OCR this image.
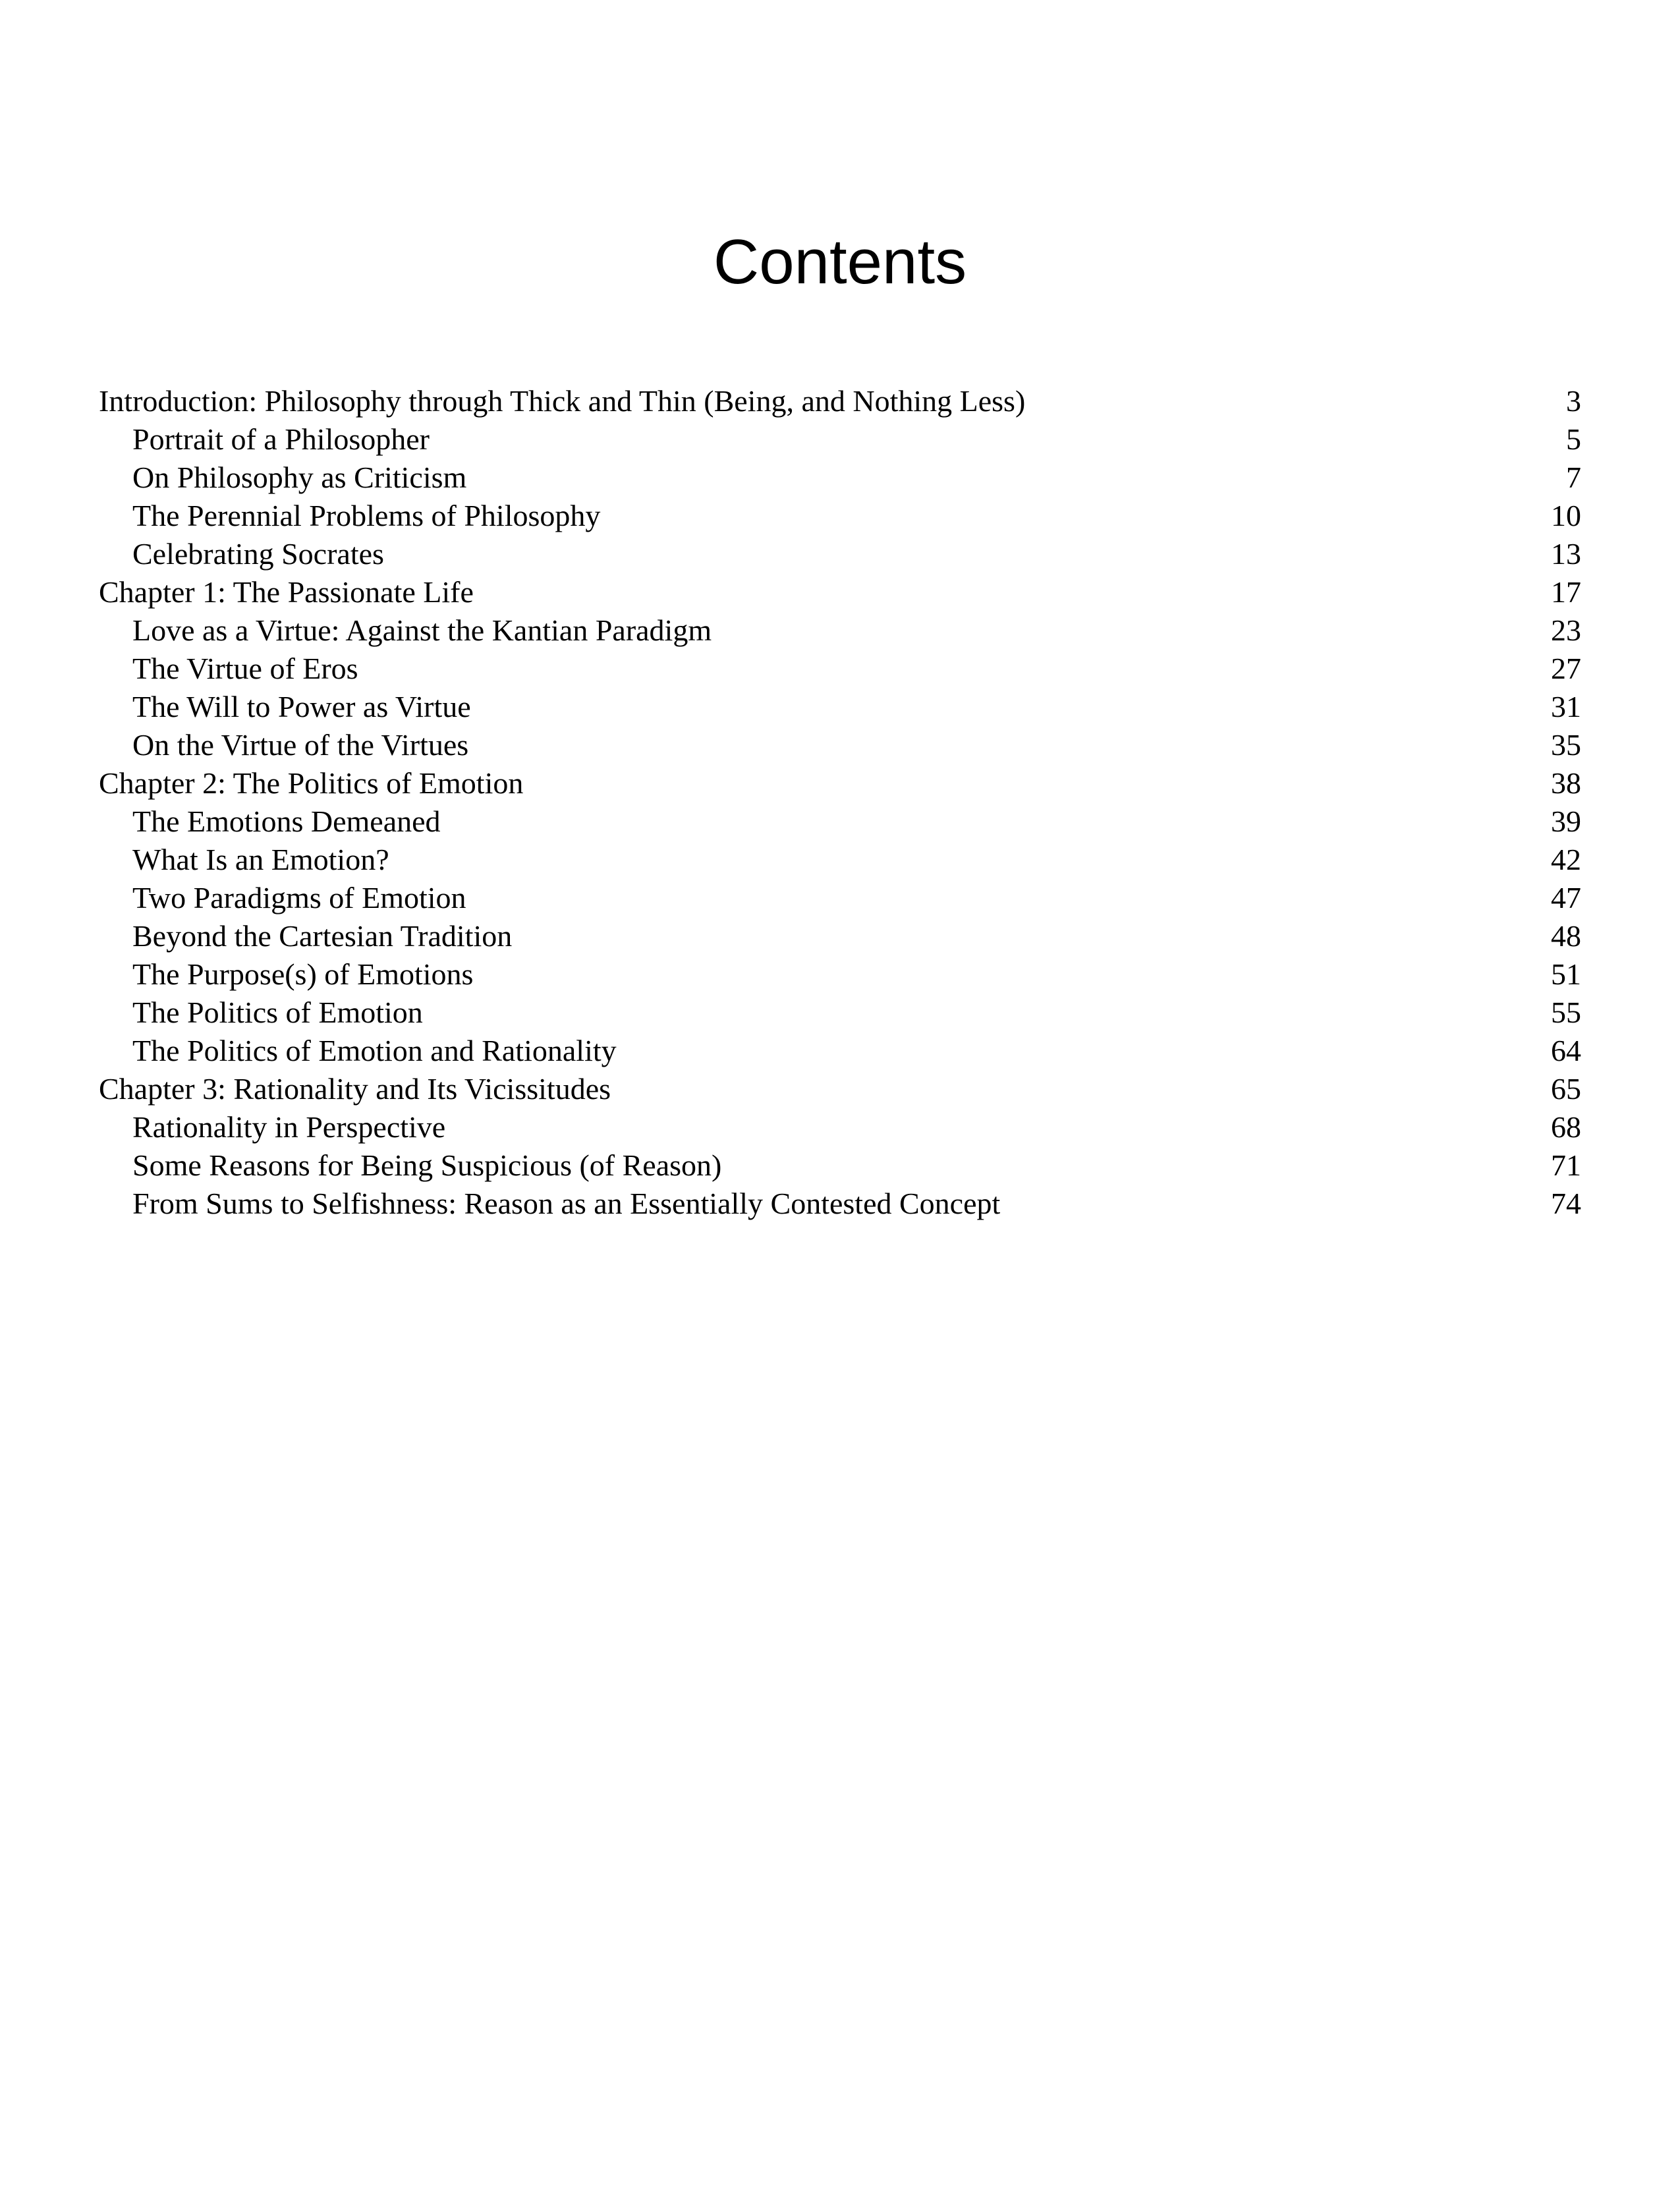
Contents
Introduction: Philosophy through Thick and Thin (Being, and Nothing Less)	3
Portrait of a Philosopher	5
On Philosophy as Criticism	7
The Perennial Problems of Philosophy	10
Celebrating Socrates	13
Chapter 1: The Passionate Life	17
Love as a Virtue: Against the Kantian Paradigm	23
The Virtue of Eros	27
The Will to Power as Virtue	31
On the Virtue of the Virtues	35
Chapter 2: The Politics of Emotion	38
The Emotions Demeaned	39
What Is an Emotion?	42
Two Paradigms of Emotion	47
Beyond the Cartesian Tradition	48
The Purpose(s) of Emotions	51
The Politics of Emotion	55
The Politics of Emotion and Rationality	64
Chapter 3: Rationality and Its Vicissitudes	65
Rationality in Perspective	68
Some Reasons for Being Suspicious (of Reason)	71
From Sums to Selfishness: Reason as an Essentially Contested Concept	74
